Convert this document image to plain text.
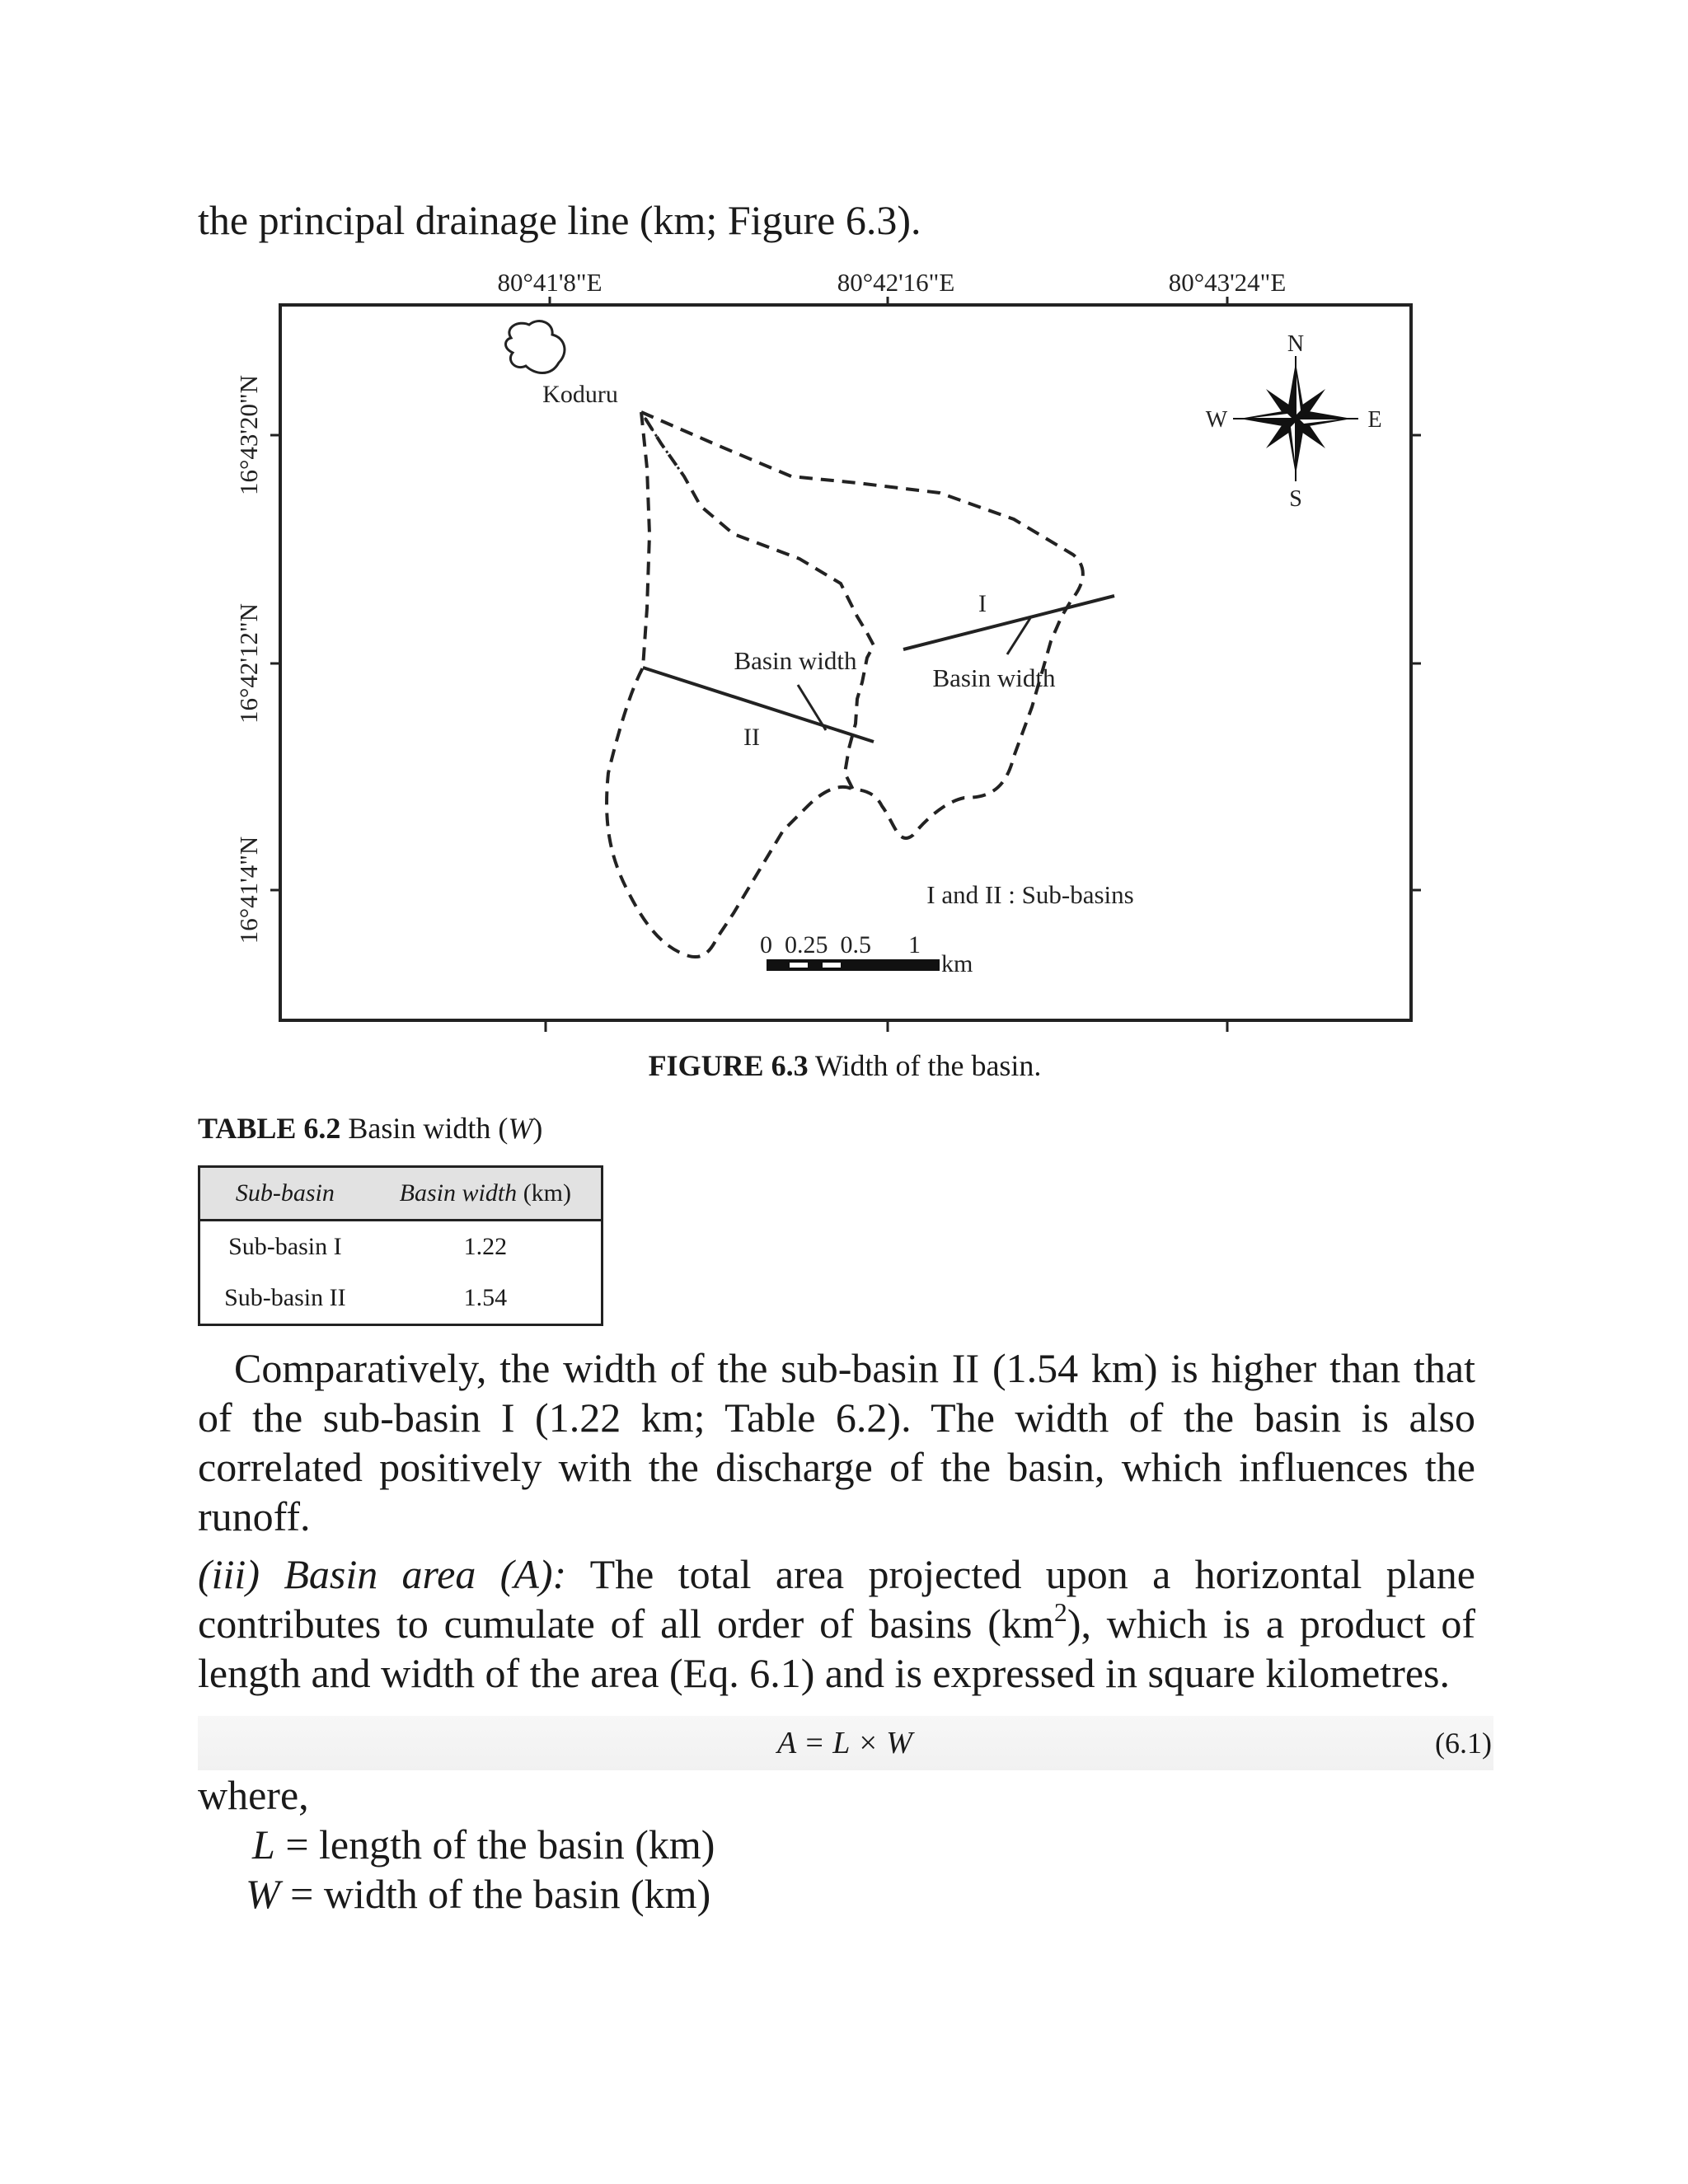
the principal drainage line (km; Figure 6.3).

80°41'8"E	80°42'16"E	80°43'24"E
16°43'20"N
16°42'12"N
16°41'4"N
Koduru
I
II
Basin width
Basin width
I and II : Sub-basins
0  0.25  0.5      1
km
N
S
E
W
FIGURE 6.3 Width of the basin.
TABLE 6.2 Basin width (W)
Sub-basin	Basin width (km)
Sub-basin I	1.22
Sub-basin II	1.54

Comparatively, the width of the sub-basin II (1.54 km) is higher than that of the sub-basin I (1.22 km; Table 6.2). The width of the basin is also correlated positively with the discharge of the basin, which influences the runoff.

(iii) Basin area (A): The total area projected upon a horizontal plane contributes to cumulate of all order of basins $(km^2)$, which is a product of length and width of the area (Eq. 6.1) and is expressed in square kilometres.

A = L × W	(6.1)
where,
L = length of the basin (km)
W = width of the basin (km)
